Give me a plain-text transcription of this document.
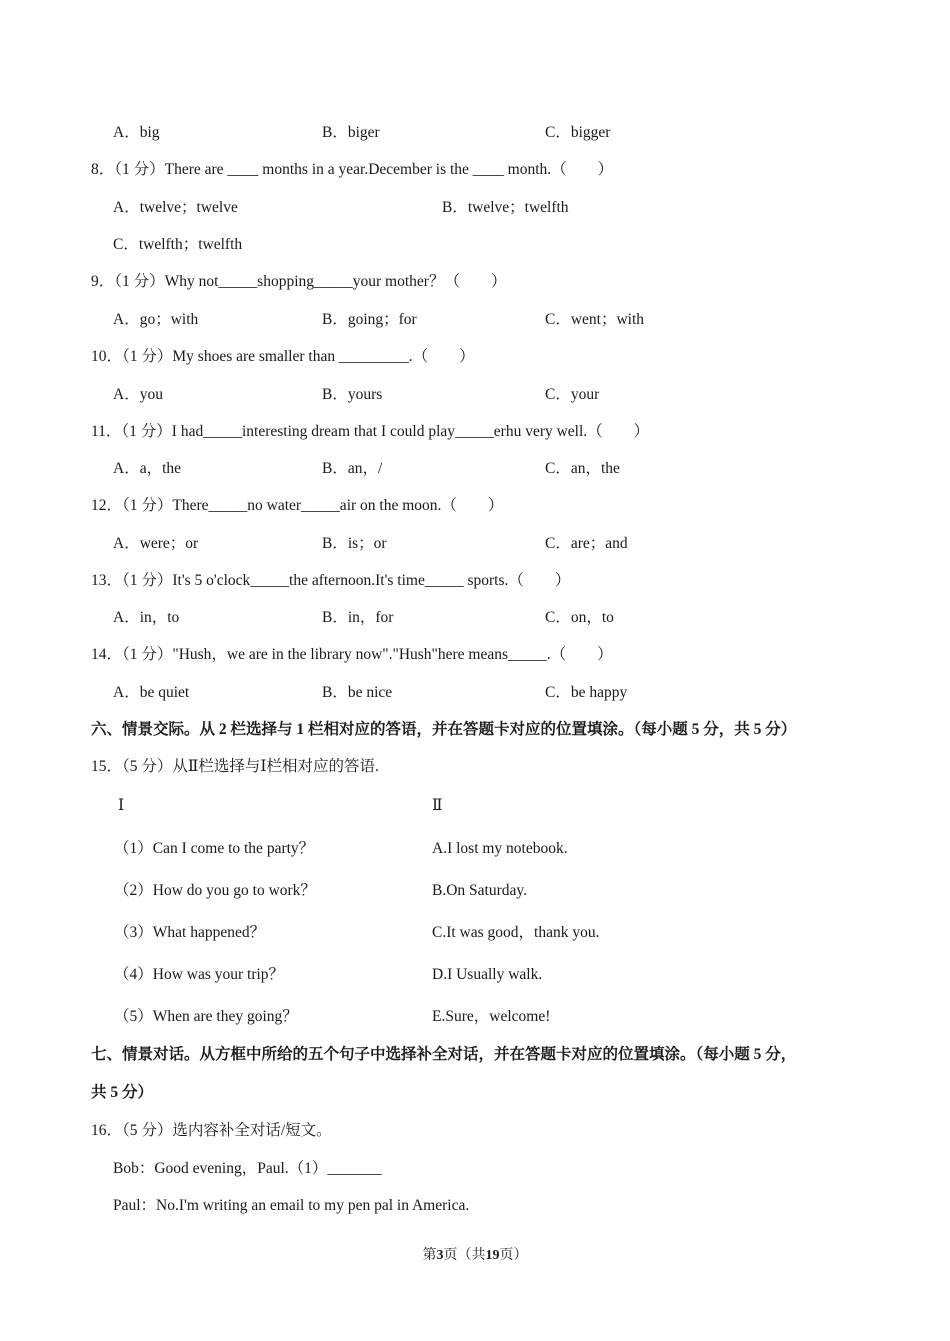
A．big	B．biger	C．bigger
8．（1 分）There are ____ months in a year.December is the ____ month.（　　）
A．twelve；twelve	B．twelve；twelfth
C．twelfth；twelfth
9．（1 分）Why not_____shopping_____your mother？（　　）
A．go；with	B．going；for	C．went；with
10．（1 分）My shoes are smaller than _________.（　　）
A．you	B．yours	C．your
11．（1 分）I had_____interesting dream that I could play_____erhu very well.（　　）
A．a，the	B．an，/	C．an，the
12．（1 分）There_____no water_____air on the moon.（　　）
A．were；or	B．is；or	C．are；and
13．（1 分）It's 5 o'clock_____the afternoon.It's time_____ sports.（　　）
A．in，to	B．in，for	C．on，to
14．（1 分）"Hush，we are in the library now"."Hush"here means_____.（　　）
A．be quiet	B．be nice	C．be happy
六、情景交际。从 2 栏选择与 1 栏相对应的答语，并在答题卡对应的位置填涂。（每小题 5 分，共 5 分）
15．（5 分）从Ⅱ栏选择与Ⅰ栏相对应的答语.
Ⅰ	Ⅱ
（1）Can I come to the party？	A.I lost my notebook.
（2）How do you go to work？	B.On Saturday.
（3）What happened？	C.It was good，thank you.
（4）How was your trip？	D.I Usually walk.
（5）When are they going？	E.Sure，welcome!
七、情景对话。从方框中所给的五个句子中选择补全对话，并在答题卡对应的位置填涂。（每小题 5 分，
共 5 分）
16．（5 分）选内容补全对话/短文。
Bob：Good evening，Paul.（1）_______
Paul：No.I'm writing an email to my pen pal in America.
第3页（共19页）
